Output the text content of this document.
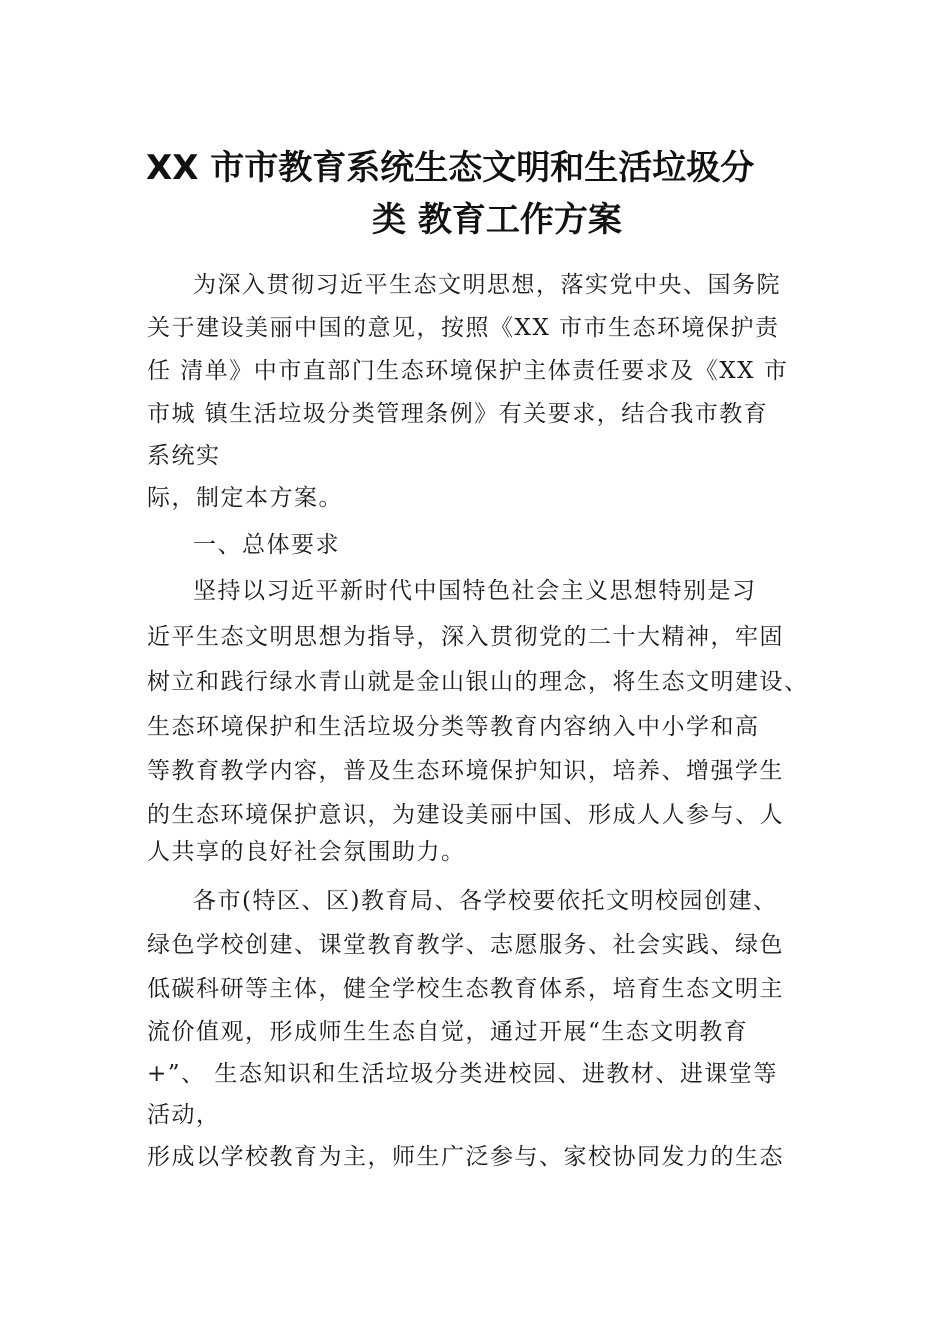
XX 市市教育系统生态文明和生活垃圾分
类 教育工作方案
为深入贯彻习近平生态文明思想，落实党中央、国务院
关于建设美丽中国的意见，按照《XX 市市生态环境保护责
任 清单》中市直部门生态环境保护主体责任要求及《XX 市
市城 镇生活垃圾分类管理条例》有关要求，结合我市教育
系统实
际，制定本方案。
一、总体要求
坚持以习近平新时代中国特色社会主义思想特别是习
近平生态文明思想为指导，深入贯彻党的二十大精神，牢固
树立和践行绿水青山就是金山银山的理念，将生态文明建设、
生态环境保护和生活垃圾分类等教育内容纳入中小学和高
等教育教学内容，普及生态环境保护知识，培养、增强学生
的生态环境保护意识，为建设美丽中国、形成人人参与、人
人共享的良好社会氛围助力。
各市(特区、区)教育局、各学校要依托文明校园创建、
绿色学校创建、课堂教育教学、志愿服务、社会实践、绿色
低碳科研等主体，健全学校生态教育体系，培育生态文明主
流价值观，形成师生生态自觉，通过开展“生态文明教育
+”、 生态知识和生活垃圾分类进校园、进教材、进课堂等
活动，
形成以学校教育为主，师生广泛参与、家校协同发力的生态
